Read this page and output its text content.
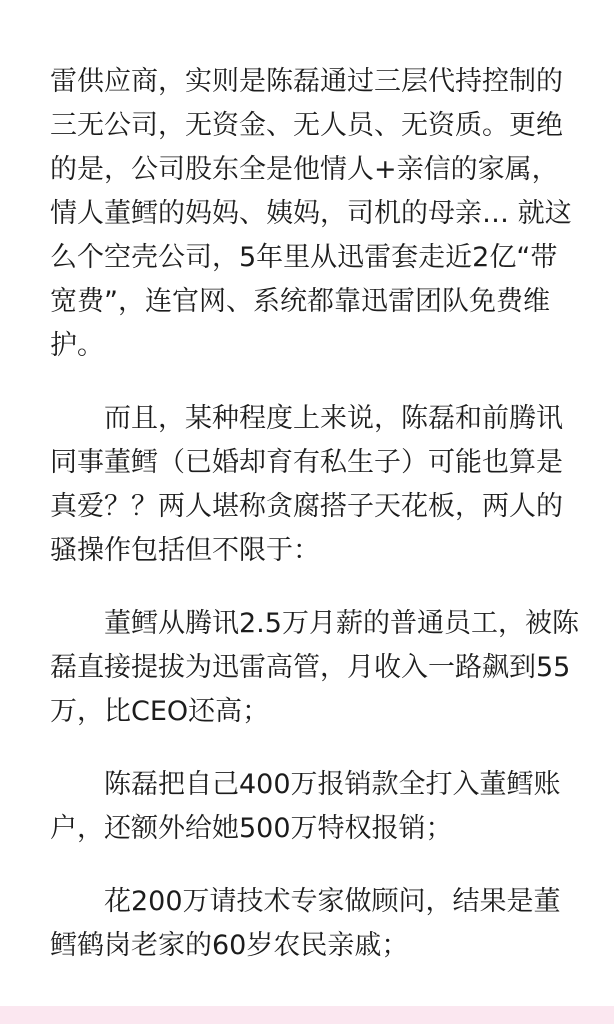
雷供应商，实则是陈磊通过三层代持控制的
三无公司，无资金、无人员、无资质。更绝
的是，公司股东全是他情人+亲信的家属，
情人董鳕的妈妈、姨妈，司机的母亲… 就这
么个空壳公司，5年里从迅雷套走近2亿“带
宽费”，连官网、系统都靠迅雷团队免费维
护。

而且，某种程度上来说，陈磊和前腾讯
同事董鳕（已婚却育有私生子）可能也算是
真爱？？两人堪称贪腐搭子天花板，两人的
骚操作包括但不限于：

董鳕从腾讯2.5万月薪的普通员工，被陈
磊直接提拔为迅雷高管，月收入一路飙到55
万，比CEO还高；

陈磊把自己400万报销款全打入董鳕账
户，还额外给她500万特权报销；

花200万请技术专家做顾问，结果是董
鳕鹤岗老家的60岁农民亲戚；
